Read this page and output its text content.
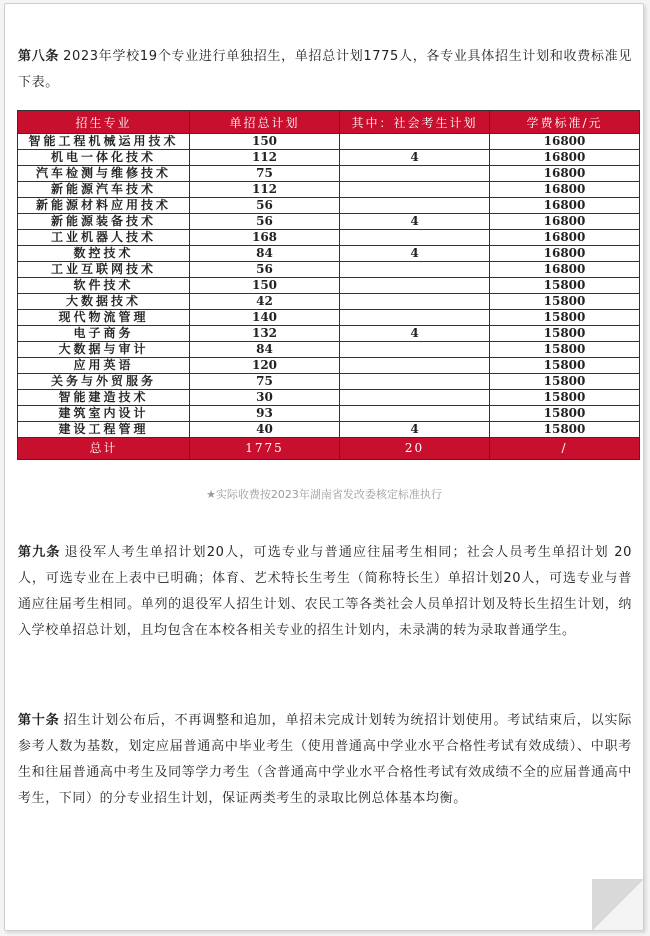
第八条 2023年学校19个专业进行单独招生，单招总计划1775人，各专业具体招生计划和收费标准见下表。

招生专业	单招总计划	其中：社会考生计划	学费标准/元
智能工程机械运用技术	150		16800
机电一体化技术	112	4	16800
汽车检测与维修技术	75		16800
新能源汽车技术	112		16800
新能源材料应用技术	56		16800
新能源装备技术	56	4	16800
工业机器人技术	168		16800
数控技术	84	4	16800
工业互联网技术	56		16800
软件技术	150		15800
大数据技术	42		15800
现代物流管理	140		15800
电子商务	132	4	15800
大数据与审计	84		15800
应用英语	120		15800
关务与外贸服务	75		15800
智能建造技术	30		15800
建筑室内设计	93		15800
建设工程管理	40	4	15800
总计	1775	20	/
★实际收费按2023年湖南省发改委核定标准执行

第九条 退役军人考生单招计划20人，可选专业与普通应往届考生相同；社会人员考生单招计划 20人，可选专业在上表中已明确；体育、艺术特长生考生（简称特长生）单招计划20人，可选专业与普通应往届考生相同。单列的退役军人招生计划、农民工等各类社会人员单招计划及特长生招生计划，纳入学校单招总计划，且均包含在本校各相关专业的招生计划内，未录满的转为录取普通学生。

第十条 招生计划公布后，不再调整和追加，单招未完成计划转为统招计划使用。考试结束后，以实际参考人数为基数，划定应届普通高中毕业考生（使用普通高中学业水平合格性考试有效成绩）、中职考生和往届普通高中考生及同等学力考生（含普通高中学业水平合格性考试有效成绩不全的应届普通高中考生，下同）的分专业招生计划，保证两类考生的录取比例总体基本均衡。
